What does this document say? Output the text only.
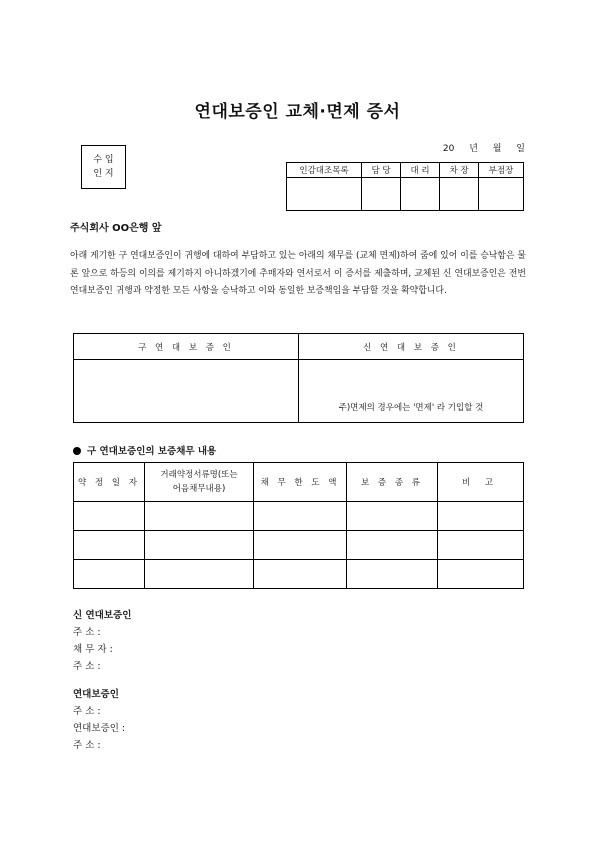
연대보증인 교체·면제 증서
20 년 월 일
수 입
인 지	인감대조목록	담 당	대 리	차 장	부점장

주식회사 OO은행 앞
아래 게기한 구 연대보증인이 귀행에 대하여 부담하고 있는 아래의 채무를 (교체 면제)하여 줌에 있어 이를 승낙함은 물론 앞으로 하등의 이의를 제기하지 아니하겠기에 추매자와 연서로서 이 증서를 제출하며, 교체된 신 연대보증인은 전번 연대보증인 귀행과 약정한 모든 사항을 승낙하고 이와 동일한 보증책임을 부담할 것을 확약합니다.
구 연 대 보 증 인	신 연 대 보 증 인

	주)면제의 경우에는 '면제' 라 기입할 것
구 연대보증인의 보증채무 내용
약 정 일 자	거래약정서류명(또는
어음채무내용)	채 무 한 도 액	보 증 종 류	비 고

신 연대보증인
주 소 :
채 무 자 :
주 소 :
연대보증인
주 소 :
연대보증인 :
주 소 :
